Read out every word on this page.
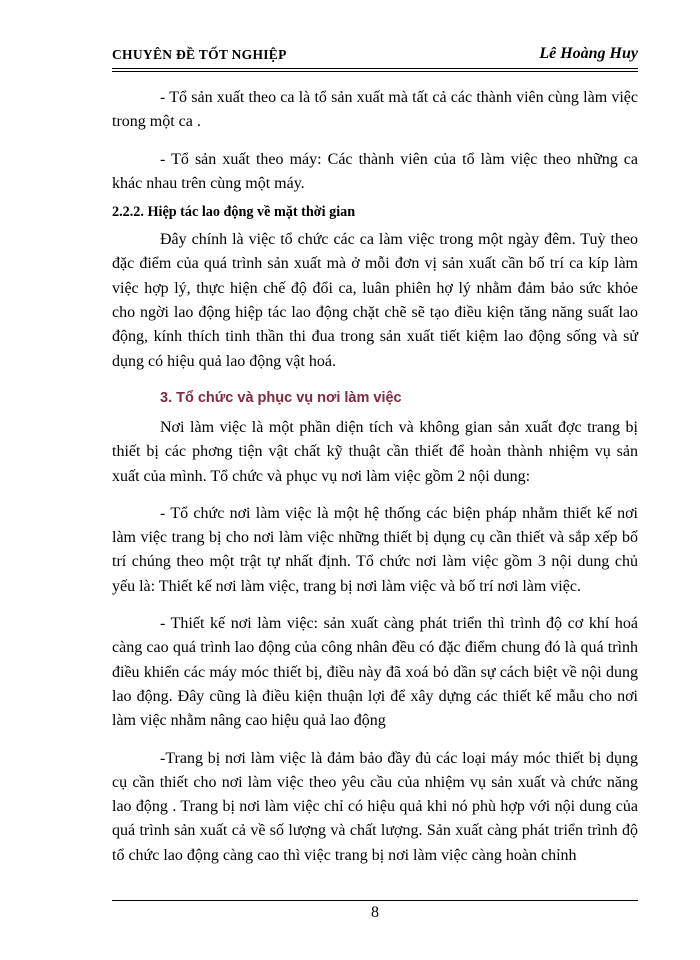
CHUYÊN ĐỀ TỐT NGHIỆP	Lê Hoàng Huy

- Tổ sản xuất theo ca là tổ sản xuất mà tất cả các thành viên cùng làm việc trong một ca .

- Tổ sản xuất theo máy: Các thành viên của tổ làm việc theo những ca khác nhau trên cùng một máy.

2.2.2. Hiệp tác lao động về mặt thời gian

Đây chính là việc tổ chức các ca làm việc trong một ngày đêm. Tuỳ theo đặc điểm của quá trình sản xuất mà ở mỗi đơn vị sản xuất cần bố trí ca kíp làm việc hợp lý, thực hiện chế độ đổi ca, luân phiên hợ lý nhằm đảm bảo sức khỏe cho ngời lao động hiệp tác lao động chặt chẽ sẽ tạo điều kiện tăng năng suất lao động, kính thích tinh thần thi đua trong sản xuất tiết kiệm lao động sống và sử dụng có hiệu quả lao động vật hoá.

3. Tổ chức và phục vụ nơi làm việc

Nơi làm việc là một phần diện tích và không gian sản xuất đợc trang bị thiết bị các phơng tiện vật chất kỹ thuật cần thiết để hoàn thành nhiệm vụ sản xuất của mình. Tổ chức và phục vụ nơi làm việc gồm 2 nội dung:

- Tổ chức nơi làm việc là một hệ thống các biện pháp nhằm thiết kế nơi làm việc trang bị cho nơi làm việc những thiết bị dụng cụ cần thiết và sắp xếp bố trí chúng theo một trật tự nhất định. Tổ chức nơi làm việc gồm 3 nội dung chủ yếu là: Thiết kế nơi làm việc, trang bị nơi làm việc và bố trí nơi làm việc.

- Thiết kế nơi làm việc: sản xuất càng phát triển thì trình độ cơ khí hoá càng cao quá trình lao động của công nhân đều có đặc điểm chung đó là quá trình điều khiển các máy móc thiết bị, điều này đã xoá bỏ dần sự cách biệt về nội dung lao động. Đây cũng là điều kiện thuận lợi để xây dựng các thiết kế mẫu cho nơi làm việc nhằm nâng cao hiệu quả lao động

-Trang bị nơi làm việc là đảm bảo đầy đủ các loại máy móc thiết bị dụng cụ cần thiết cho nơi làm việc theo yêu cầu của nhiệm vụ sản xuất và chức năng lao động . Trang bị nơi làm việc chỉ có hiệu quả khi nó phù hợp với nội dung của quá trình sản xuất cả về số lượng và chất lượng. Sản xuất càng phát triển trình độ tổ chức lao động càng cao thì việc trang bị nơi làm việc càng hoàn chỉnh

8
